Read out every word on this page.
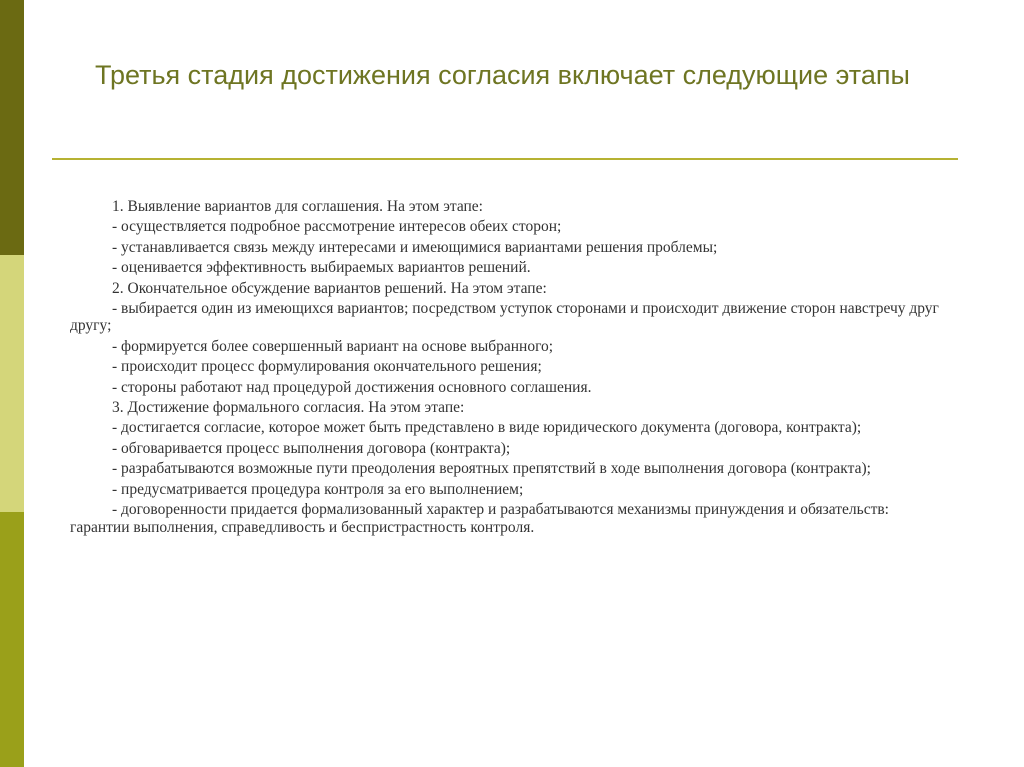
Третья стадия достижения согласия включает следующие этапы

1. Выявление вариантов для соглашения. На этом этапе:

- осуществляется подробное рассмотрение интересов обеих сторон;

- устанавливается связь между интересами и имеющимися вариантами решения проблемы;

- оценивается эффективность выбираемых вариантов решений.

2. Окончательное обсуждение вариантов решений. На этом этапе:

- выбирается один из имеющихся вариантов; посредством уступок сторонами и происходит движение сторон навстречу друг другу;

- формируется более совершенный вариант на основе выбранного;

- происходит процесс формулирования окончательного решения;

- стороны работают над процедурой достижения основного соглашения.

3. Достижение формального согласия. На этом этапе:

- достигается согласие, которое может быть представлено в виде юридического документа (договора, контракта);

- обговаривается процесс выполнения договора (контракта);

- разрабатываются возможные пути преодоления вероятных препятствий в ходе выполнения договора (контракта);

- предусматривается процедура контроля за его выполнением;

- договоренности придается формализованный характер и разрабатываются механизмы принуждения и обязательств: гарантии выполнения, справедливость и беспристрастность контроля.
